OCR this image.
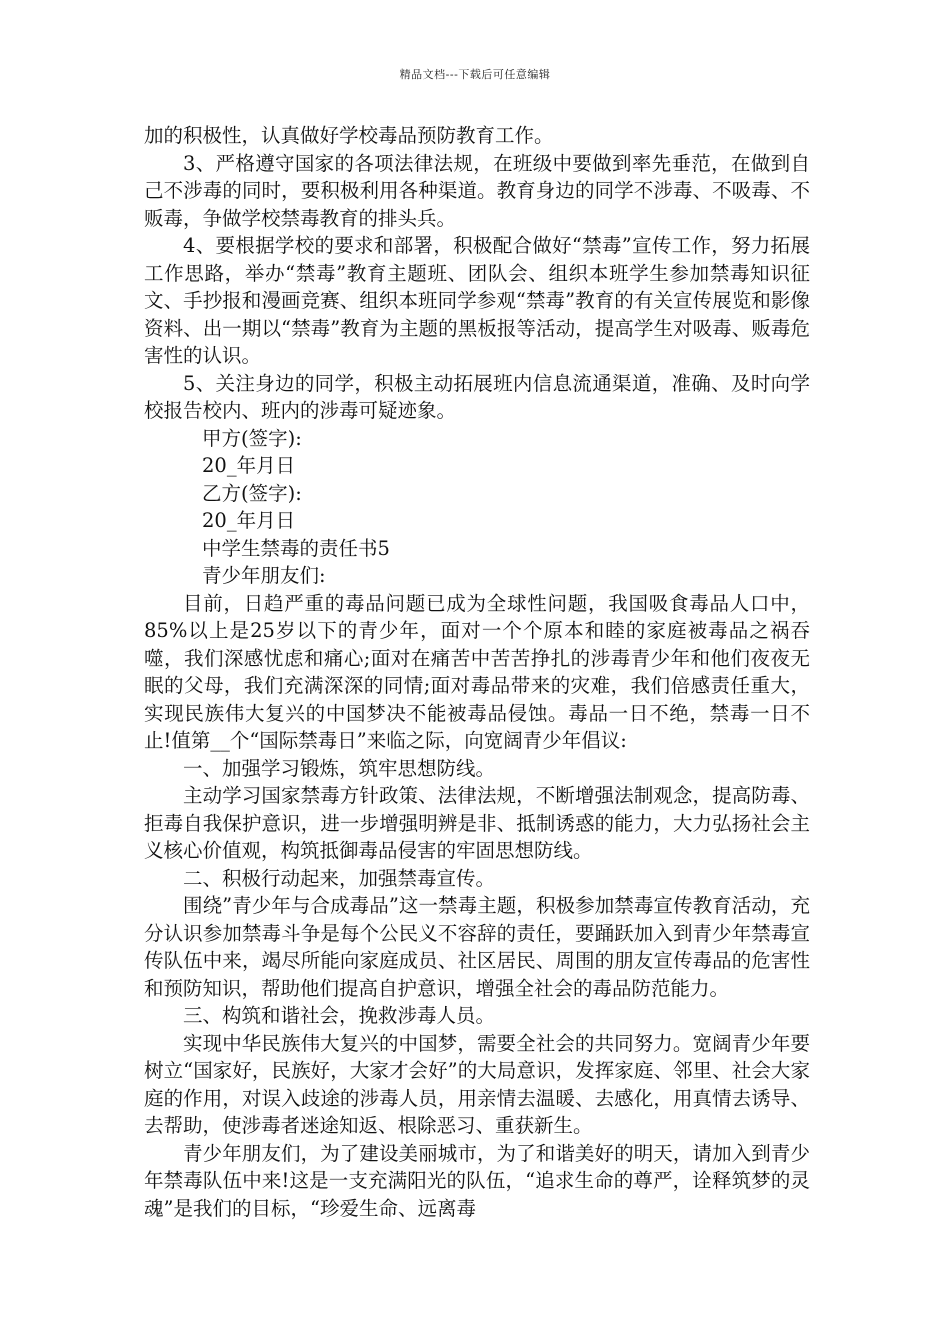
精品文档---下载后可任意编辑

加的积极性，认真做好学校毒品预防教育工作。

3、严格遵守国家的各项法律法规，在班级中要做到率先垂范，在做到自己不涉毒的同时，要积极利用各种渠道。教育身边的同学不涉毒、不吸毒、不贩毒，争做学校禁毒教育的排头兵。

4、要根据学校的要求和部署，积极配合做好“禁毒”宣传工作，努力拓展工作思路，举办“禁毒”教育主题班、团队会、组织本班学生参加禁毒知识征文、手抄报和漫画竞赛、组织本班同学参观“禁毒”教育的有关宣传展览和影像资料、出一期以“禁毒”教育为主题的黑板报等活动，提高学生对吸毒、贩毒危害性的认识。

5、关注身边的同学，积极主动拓展班内信息流通渠道，准确、及时向学校报告校内、班内的涉毒可疑迹象。

甲方(签字):

20_年月日

乙方(签字):

20_年月日

中学生禁毒的责任书5

青少年朋友们:

目前，日趋严重的毒品问题已成为全球性问题，我国吸食毒品人口中，85%以上是25岁以下的青少年，面对一个个原本和睦的家庭被毒品之祸吞噬，我们深感忧虑和痛心;面对在痛苦中苦苦挣扎的涉毒青少年和他们夜夜无眠的父母，我们充满深深的同情;面对毒品带来的灾难，我们倍感责任重大，实现民族伟大复兴的中国梦决不能被毒品侵蚀。毒品一日不绝，禁毒一日不止!值第__个“国际禁毒日”来临之际，向宽阔青少年倡议:

一、加强学习锻炼，筑牢思想防线。

主动学习国家禁毒方针政策、法律法规，不断增强法制观念，提高防毒、拒毒自我保护意识，进一步增强明辨是非、抵制诱惑的能力，大力弘扬社会主义核心价值观，构筑抵御毒品侵害的牢固思想防线。

二、积极行动起来，加强禁毒宣传。

围绕”青少年与合成毒品”这一禁毒主题，积极参加禁毒宣传教育活动，充分认识参加禁毒斗争是每个公民义不容辞的责任，要踊跃加入到青少年禁毒宣传队伍中来，竭尽所能向家庭成员、社区居民、周围的朋友宣传毒品的危害性和预防知识，帮助他们提高自护意识，增强全社会的毒品防范能力。

三、构筑和谐社会，挽救涉毒人员。

实现中华民族伟大复兴的中国梦，需要全社会的共同努力。宽阔青少年要树立“国家好，民族好，大家才会好”的大局意识，发挥家庭、邻里、社会大家庭的作用，对误入歧途的涉毒人员，用亲情去温暖、去感化，用真情去诱导、去帮助，使涉毒者迷途知返、根除恶习、重获新生。

青少年朋友们，为了建设美丽城市，为了和谐美好的明天，请加入到青少年禁毒队伍中来!这是一支充满阳光的队伍，“追求生命的尊严，诠释筑梦的灵魂”是我们的目标，“珍爱生命、远离毒
